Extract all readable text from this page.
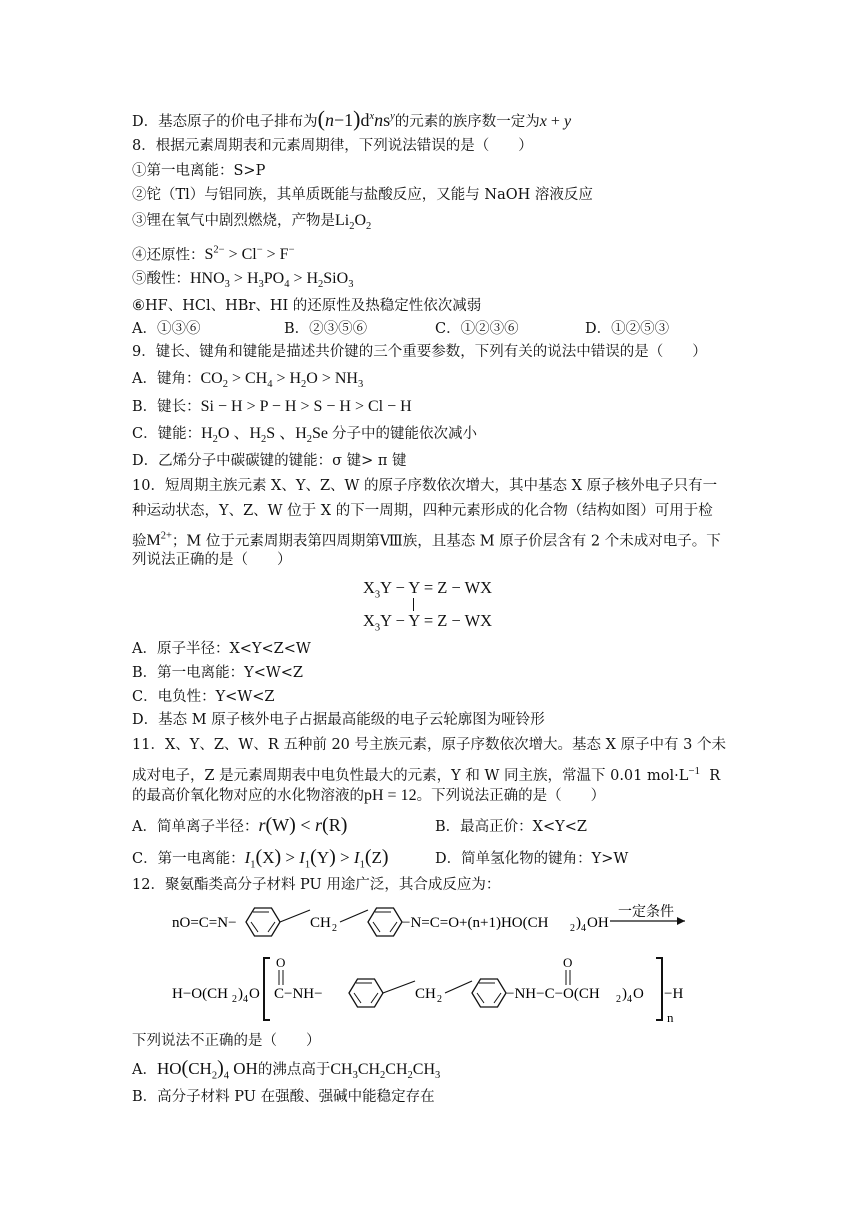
D．基态原子的价电子排布为$(n-1)d^xns^y$的元素的族序数一定为x + y
8．根据元素周期表和元素周期律，下列说法错误的是（　　）
①第一电离能：S>P
②铊（Tl）与铝同族，其单质既能与盐酸反应，又能与 NaOH 溶液反应
③锂在氧气中剧烈燃烧，产物是$Li_2O_2$
④还原性：$S^{2-} > Cl^- > F^-$
⑤酸性：$HNO_3 > H_3PO_4 > H_2SiO_3$
⑥HF、HCl、HBr、HI 的还原性及热稳定性依次减弱
A．①③⑥	B．②③⑤⑥	C．①②③⑥	D．①②⑤③
9．键长、键角和键能是描述共价键的三个重要参数，下列有关的说法中错误的是（　　）
A．键角：$CO_2 > CH_4 > H_2O > NH_3$
B．键长：Si − H > P − H > S − H > Cl − H
C．键能：$H_2O$ 、$H_2S$ 、$H_2Se$ 分子中的键能依次减小
D．乙烯分子中碳碳键的键能：σ 键> π 键
10．短周期主族元素 X、Y、Z、W 的原子序数依次增大，其中基态 X 原子核外电子只有一
种运动状态，Y、Z、W 位于 X 的下一周期，四种元素形成的化合物（结构如图）可用于检
验$M^{2+}$；M 位于元素周期表第四周期第Ⅷ族，且基态 M 原子价层含有 2 个未成对电子。下
列说法正确的是（　　）
$X_3Y - Y = Z$ − WX
$X_3Y - Y = Z$ − WX
A．原子半径：X<Y<Z<W
B．第一电离能：Y<W<Z
C．电负性：Y<W<Z
D．基态 M 原子核外电子占据最高能级的电子云轮廓图为哑铃形
11．X、Y、Z、W、R 五种前 20 号主族元素，原子序数依次增大。基态 X 原子中有 3 个未
成对电子，Z 是元素周期表中电负性最大的元素，Y 和 W 同主族，常温下 0.01 $mol\cdot L^{-1}$ R
的最高价氧化物对应的水化物溶液的pH = 12。下列说法正确的是（　　）
A．简单离子半径：r(W) < r(R)	B．最高正价：X<Y<Z
C．第一电离能：$I_1(X) > I_1(Y) > I_1(Z)$	D．简单氢化物的键角：Y>W
12．聚氨酯类高分子材料 PU 用途广泛，其合成反应为：
nO=C=N−	CH 2	−N=C=O+(n+1)HO(CH 2 ) 4 OH
一定条件
H−O(CH 2 ) 4 O C−NH−
O
CH 2	−NH−C−O(CH
O
2 ) 4 O −H
n
下列说法不正确的是（　　）
A．$HO(CH_2)_4$ OH的沸点高于$CH_3CH_2CH_2CH_3$
B．高分子材料 PU 在强酸、强碱中能稳定存在
